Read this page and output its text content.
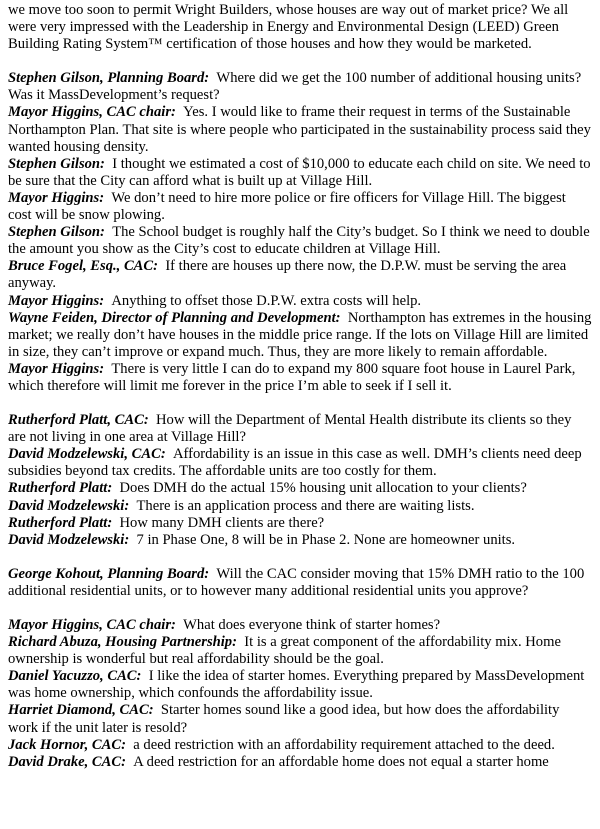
we move too soon to permit Wright Builders, whose houses are way out of market price? We all were very impressed with the Leadership in Energy and Environmental Design (LEED) Green Building Rating System™ certification of those houses and how they would be marketed.

Stephen Gilson, Planning Board: Where did we get the 100 number of additional housing units? Was it MassDevelopment’s request?

Mayor Higgins, CAC chair: Yes. I would like to frame their request in terms of the Sustainable Northampton Plan. That site is where people who participated in the sustainability process said they wanted housing density.

Stephen Gilson: I thought we estimated a cost of $10,000 to educate each child on site. We need to be sure that the City can afford what is built up at Village Hill.

Mayor Higgins: We don’t need to hire more police or fire officers for Village Hill. The biggest cost will be snow plowing.

Stephen Gilson: The School budget is roughly half the City’s budget. So I think we need to double the amount you show as the City’s cost to educate children at Village Hill.

Bruce Fogel, Esq., CAC: If there are houses up there now, the D.P.W. must be serving the area anyway.

Mayor Higgins: Anything to offset those D.P.W. extra costs will help.

Wayne Feiden, Director of Planning and Development: Northampton has extremes in the housing market; we really don’t have houses in the middle price range. If the lots on Village Hill are limited in size, they can’t improve or expand much. Thus, they are more likely to remain affordable.

Mayor Higgins: There is very little I can do to expand my 800 square foot house in Laurel Park, which therefore will limit me forever in the price I’m able to seek if I sell it.

Rutherford Platt, CAC: How will the Department of Mental Health distribute its clients so they are not living in one area at Village Hill?

David Modzelewski, CAC: Affordability is an issue in this case as well. DMH’s clients need deep subsidies beyond tax credits. The affordable units are too costly for them.

Rutherford Platt: Does DMH do the actual 15% housing unit allocation to your clients?

David Modzelewski: There is an application process and there are waiting lists.

Rutherford Platt: How many DMH clients are there?

David Modzelewski: 7 in Phase One, 8 will be in Phase 2. None are homeowner units.

George Kohout, Planning Board: Will the CAC consider moving that 15% DMH ratio to the 100 additional residential units, or to however many additional residential units you approve?

Mayor Higgins, CAC chair: What does everyone think of starter homes?

Richard Abuza, Housing Partnership: It is a great component of the affordability mix. Home ownership is wonderful but real affordability should be the goal.

Daniel Yacuzzo, CAC: I like the idea of starter homes. Everything prepared by MassDevelopment was home ownership, which confounds the affordability issue.

Harriet Diamond, CAC: Starter homes sound like a good idea, but how does the affordability work if the unit later is resold?

Jack Hornor, CAC: a deed restriction with an affordability requirement attached to the deed.

David Drake, CAC: A deed restriction for an affordable home does not equal a starter home
